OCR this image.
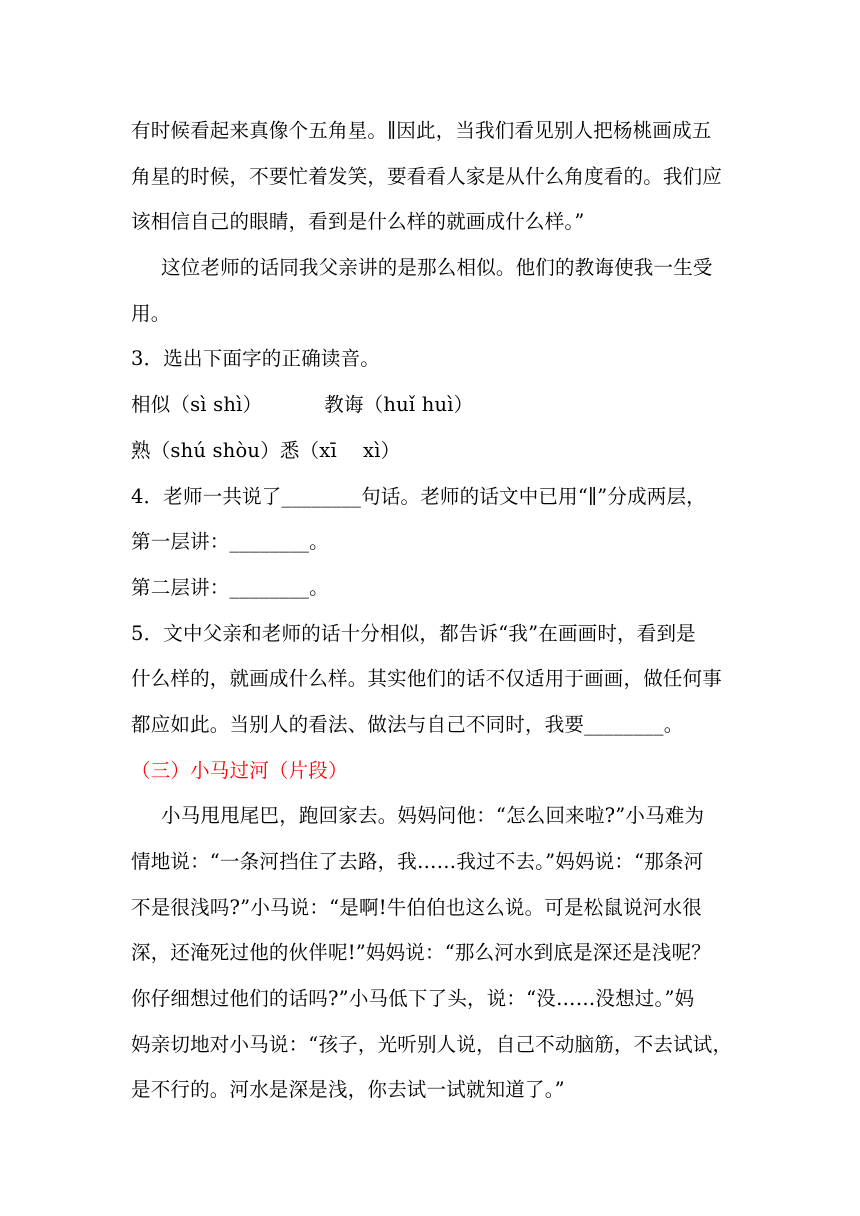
有时候看起来真像个五角星。∥因此，当我们看见别人把杨桃画成五
角星的时候，不要忙着发笑，要看看人家是从什么角度看的。我们应
该相信自己的眼睛，看到是什么样的就画成什么样。”
这位老师的话同我父亲讲的是那么相似。他们的教诲使我一生受
用。
3．选出下面字的正确读音。
相似（sì shì）	教诲（huǐ huì）
熟（shú shòu）悉（xī　 xì）
4．老师一共说了________句话。老师的话文中已用“∥”分成两层，
第一层讲：________。
第二层讲：________。
5．文中父亲和老师的话十分相似，都告诉“我”在画画时，看到是
什么样的，就画成什么样。其实他们的话不仅适用于画画，做任何事
都应如此。当别人的看法、做法与自己不同时，我要________。
（三）小马过河（片段）
小马甩甩尾巴，跑回家去。妈妈问他：“怎么回来啦?”小马难为
情地说：“一条河挡住了去路，我……我过不去。”妈妈说：“那条河
不是很浅吗?”小马说：“是啊!牛伯伯也这么说。可是松鼠说河水很
深，还淹死过他的伙伴呢!”妈妈说：“那么河水到底是深还是浅呢？
你仔细想过他们的话吗?”小马低下了头，说：“没……没想过。”妈
妈亲切地对小马说：“孩子，光听别人说，自己不动脑筋，不去试试，
是不行的。河水是深是浅，你去试一试就知道了。”
